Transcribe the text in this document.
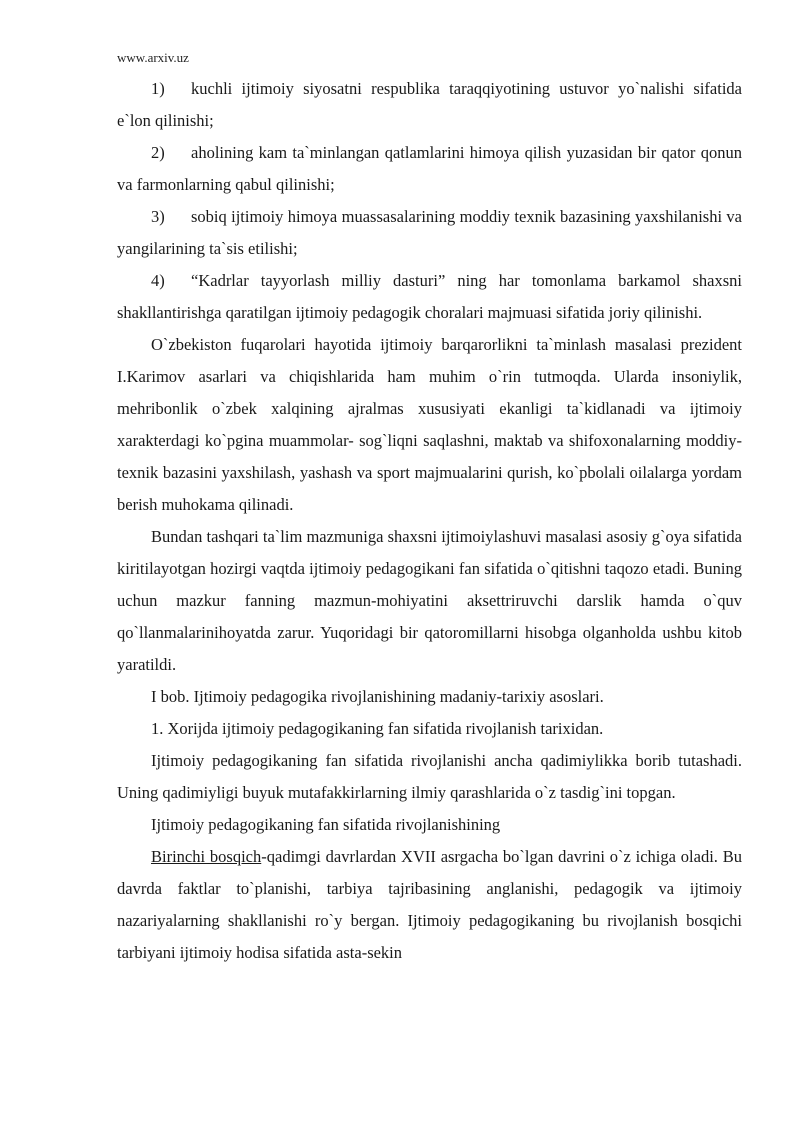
www.arxiv.uz

1) kuchli ijtimoiy siyosatni respublika taraqqiyotining ustuvor yo`nalishi sifatida e`lon qilinishi;

2) aholining kam ta`minlangan qatlamlarini himoya qilish yuzasidan bir qator qonun va farmonlarning qabul qilinishi;

3) sobiq ijtimoiy himoya muassasalarining moddiy texnik bazasining yaxshilanishi va yangilarining ta`sis etilishi;

4) “Kadrlar tayyorlash milliy dasturi” ning har tomonlama barkamol shaxsni shakllantirishga qaratilgan ijtimoiy pedagogik choralari majmuasi sifatida joriy qilinishi.

O`zbekiston fuqarolari hayotida ijtimoiy barqarorlikni ta`minlash masalasi prezident I.Karimov asarlari va chiqishlarida ham muhim o`rin tutmoqda. Ularda insoniylik, mehribonlik o`zbek xalqining ajralmas xususiyati ekanligi ta`kidlanadi va ijtimoiy xarakterdagi ko`pgina muammolar- sog`liqni saqlashni, maktab va shifoxonalarning moddiy-texnik bazasini yaxshilash, yashash va sport majmualarini qurish, ko`pbolali oilalarga yordam berish muhokama qilinadi.

Bundan tashqari ta`lim mazmuniga shaxsni ijtimoiylashuvi masalasi asosiy g`oya sifatida kiritilayotgan hozirgi vaqtda ijtimoiy pedagogikani fan sifatida o`qitishni taqozo etadi. Buning uchun mazkur fanning mazmun-mohiyatini aksettriruvchi darslik hamda o`quv qo`llanmalarinihoyatda zarur. Yuqoridagi bir qatoromillarni hisobga olganholda ushbu kitob yaratildi.

I bob. Ijtimoiy pedagogika rivojlanishining madaniy-tarixiy asoslari.

1. Xorijda ijtimoiy pedagogikaning fan sifatida rivojlanish tarixidan.

Ijtimoiy pedagogikaning fan sifatida rivojlanishi ancha qadimiylikka borib tutashadi. Uning qadimiyligi buyuk mutafakkirlarning ilmiy qarashlarida o`z tasdig`ini topgan.

Ijtimoiy pedagogikaning fan sifatida rivojlanishining

Birinchi bosqich-qadimgi davrlardan XVII asrgacha bo`lgan davrini o`z ichiga oladi. Bu davrda faktlar to`planishi, tarbiya tajribasining anglanishi, pedagogik va ijtimoiy nazariyalarning shakllanishi ro`y bergan. Ijtimoiy pedagogikaning bu rivojlanish bosqichi tarbiyani ijtimoiy hodisa sifatida asta-sekin
